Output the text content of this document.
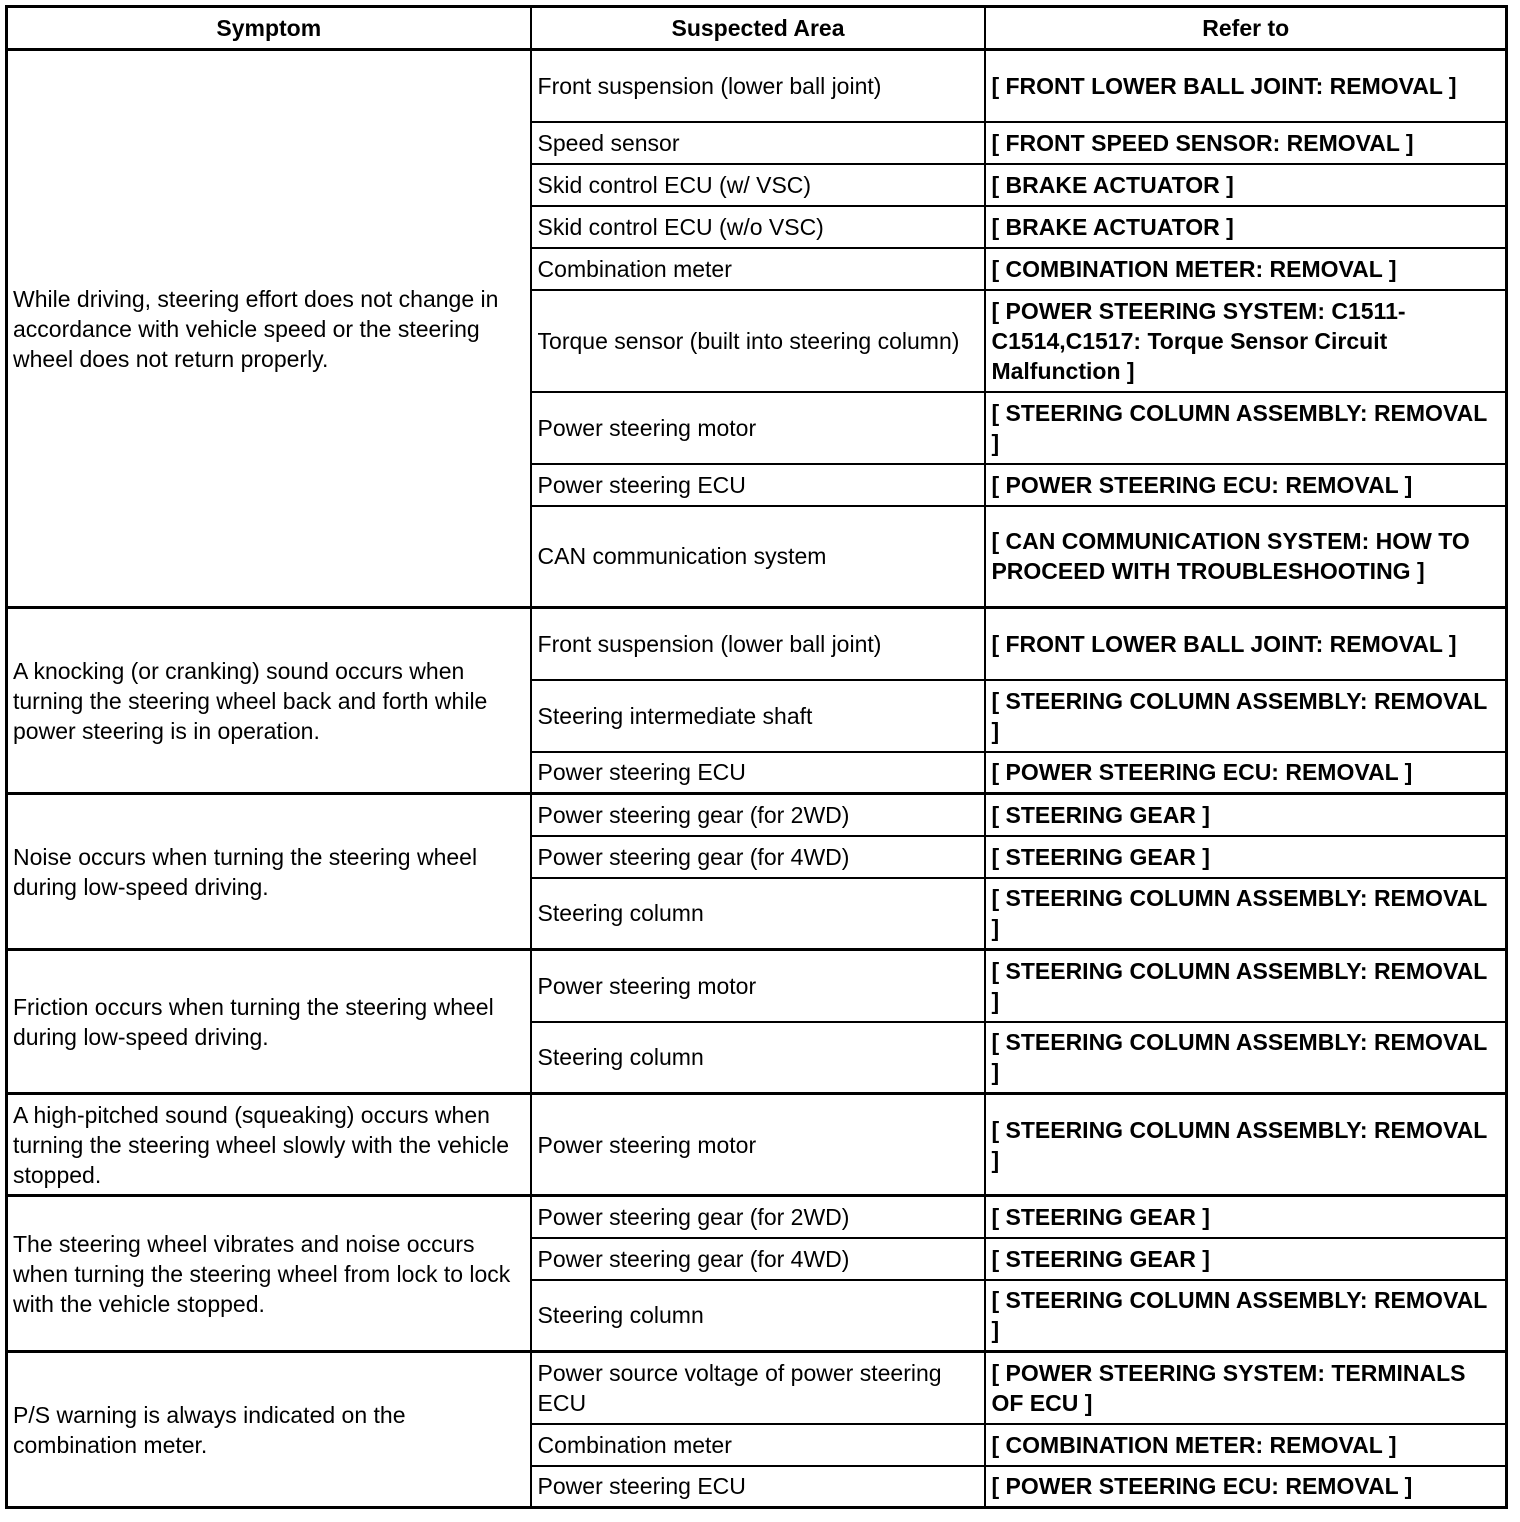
Symptom	Suspected Area	Refer to
While driving, steering effort does not change in accordance with vehicle speed or the steering wheel does not return properly.	Front suspension (lower ball joint)	[ FRONT LOWER BALL JOINT: REMOVAL ]
	Speed sensor	[ FRONT SPEED SENSOR: REMOVAL ]
	Skid control ECU (w/ VSC)	[ BRAKE ACTUATOR ]
	Skid control ECU (w/o VSC)	[ BRAKE ACTUATOR ]
	Combination meter	[ COMBINATION METER: REMOVAL ]
	Torque sensor (built into steering column)	[ POWER STEERING SYSTEM: C1511-C1514,C1517: Torque Sensor Circuit Malfunction ]
	Power steering motor	[ STEERING COLUMN ASSEMBLY: REMOVAL ]
	Power steering ECU	[ POWER STEERING ECU: REMOVAL ]
	CAN communication system	[ CAN COMMUNICATION SYSTEM: HOW TO PROCEED WITH TROUBLESHOOTING ]
A knocking (or cranking) sound occurs when turning the steering wheel back and forth while power steering is in operation.	Front suspension (lower ball joint)	[ FRONT LOWER BALL JOINT: REMOVAL ]
	Steering intermediate shaft	[ STEERING COLUMN ASSEMBLY: REMOVAL ]
	Power steering ECU	[ POWER STEERING ECU: REMOVAL ]
Noise occurs when turning the steering wheel during low-speed driving.	Power steering gear (for 2WD)	[ STEERING GEAR ]
	Power steering gear (for 4WD)	[ STEERING GEAR ]
	Steering column	[ STEERING COLUMN ASSEMBLY: REMOVAL ]
Friction occurs when turning the steering wheel during low-speed driving.	Power steering motor	[ STEERING COLUMN ASSEMBLY: REMOVAL ]
	Steering column	[ STEERING COLUMN ASSEMBLY: REMOVAL ]
A high-pitched sound (squeaking) occurs when turning the steering wheel slowly with the vehicle stopped.	Power steering motor	[ STEERING COLUMN ASSEMBLY: REMOVAL ]
The steering wheel vibrates and noise occurs when turning the steering wheel from lock to lock with the vehicle stopped.	Power steering gear (for 2WD)	[ STEERING GEAR ]
	Power steering gear (for 4WD)	[ STEERING GEAR ]
	Steering column	[ STEERING COLUMN ASSEMBLY: REMOVAL ]
P/S warning is always indicated on the combination meter.	Power source voltage of power steering ECU	[ POWER STEERING SYSTEM: TERMINALS OF ECU ]
	Combination meter	[ COMBINATION METER: REMOVAL ]
	Power steering ECU	[ POWER STEERING ECU: REMOVAL ]
